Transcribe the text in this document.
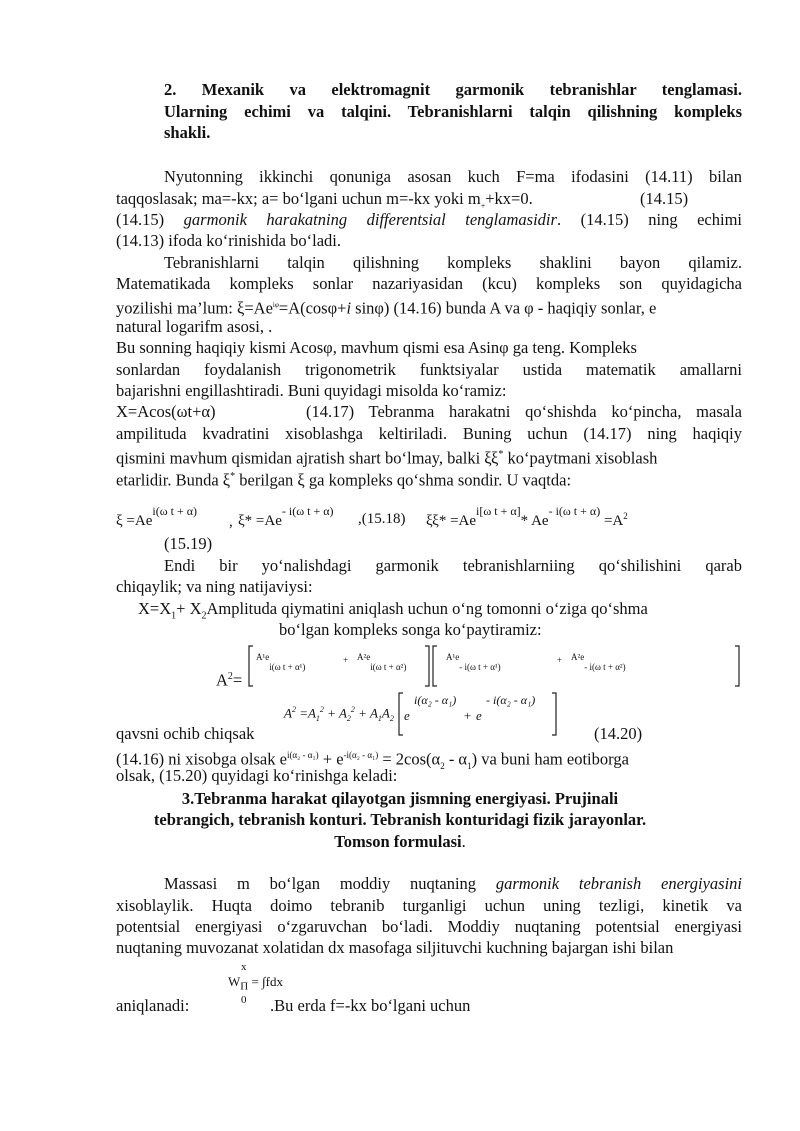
2. Mexanik va elektromagnit garmonik tebranishlar tenglamasi.
Ularning echimi va talqini. Tebranishlarni talqin qilishning kompleks
shakli.
Nyutonning ikkinchi qonuniga asosan kuch F=ma ifodasini (14.11) bilan
taqqoslasak; ma=-kx; a= bo‘lgani uchun m=-kx yoki $m_++kx=0$.	(14.15)
(14.15) garmonik harakatning differentsial tenglamasidir. (14.15) ning echimi
(14.13) ifoda ko‘rinishida bo‘ladi.
Tebranishlarni talqin qilishning kompleks shaklini bayon qilamiz.
Matematikada kompleks sonlar nazariyasidan (kcu) kompleks son quyidagicha
yozilishi ma’lum: $\xi=Ae^{i\varphi}=A(\cos\varphi+i$ sinφ) (14.16) bunda A va φ - haqiqiy sonlar, e
natural logarifm asosi, .
Bu sonning haqiqiy kismi Acosφ, mavhum qismi esa Asinφ ga teng. Kompleks
sonlardan foydalanish trigonometrik funktsiyalar ustida matematik amallarni
bajarishni engillashtiradi. Buni quyidagi misolda ko‘ramiz:
X=Acos(ωt+α)	(14.17) Tebranma harakatni qo‘shishda ko‘pincha, masala
ampilituda kvadratini xisoblashga keltiriladi. Buning uchun (14.17) ning haqiqiy
qismini mavhum qismidan ajratish shart bo‘lmay, balki ξξ* ko‘paytmani xisoblash
etarlidir. Bunda ξ* berilgan ξ ga kompleks qo‘shma sondir. U vaqtda:
$\xi =Ae^{i(\omega t + \alpha)}$
, $\xi* =Ae^{- i(\omega t + \alpha)}$ ,(15.18) $\xi\xi* =Ae^{i[\omega t + \alpha]}*$ $Ae^{- i(\omega t + \alpha)} =A^2$
(15.19)
Endi bir yo‘nalishdagi garmonik tebranishlarniing qo‘shilishini qarab
chiqaylik; va ning natijaviysi:
$X=X_1+$ $X_2Amplituda$ qiymatini aniqlash uchun o‘ng tomonni o‘ziga qo‘shma
bo‘lgan kompleks songa ko‘paytiramiz:
$A^2=$
A¹ei(ω t + α¹)
+ A²ei(ω t + α²)
A¹e- i(ω t + α¹)
+ A²e- i(ω t + α²)
$A^2 =A_1^2 + A_2^2 + A_1A_2$ e
i(α₂ - α₁)
+ e
- i(α₂ - α₁)
qavsni ochib chiqsak	(14.20)
(14.16) ni xisobga olsak $e^{i(\alpha_2 - \alpha_1)} + e^{-i(\alpha_2 - \alpha_1)} = 2\cos(\alpha_2 - \alpha_1)$ va buni ham eotiborga
olsak, (15.20) quyidagi ko‘rinishga keladi:
3.Tebranma harakat qilayotgan jismning energiyasi. Prujinali
tebrangich, tebranish konturi. Tebranish konturidagi fizik jarayonlar.
Tomson formulasi.
Massasi m bo‘lgan moddiy nuqtaning garmonik tebranish energiyasini
xisoblaylik. Huqta doimo tebranib turganligi uchun uning tezligi, kinetik va
potentsial energiyasi o‘zgaruvchan bo‘ladi. Moddiy nuqtaning potentsial energiyasi
nuqtaning muvozanat xolatidan dx masofaga siljituvchi kuchning bajargan ishi bilan
x
$W_\Pi = \int fdx$
0
aniqlanadi:	.Bu erda f=-kx bo‘lgani uchun
